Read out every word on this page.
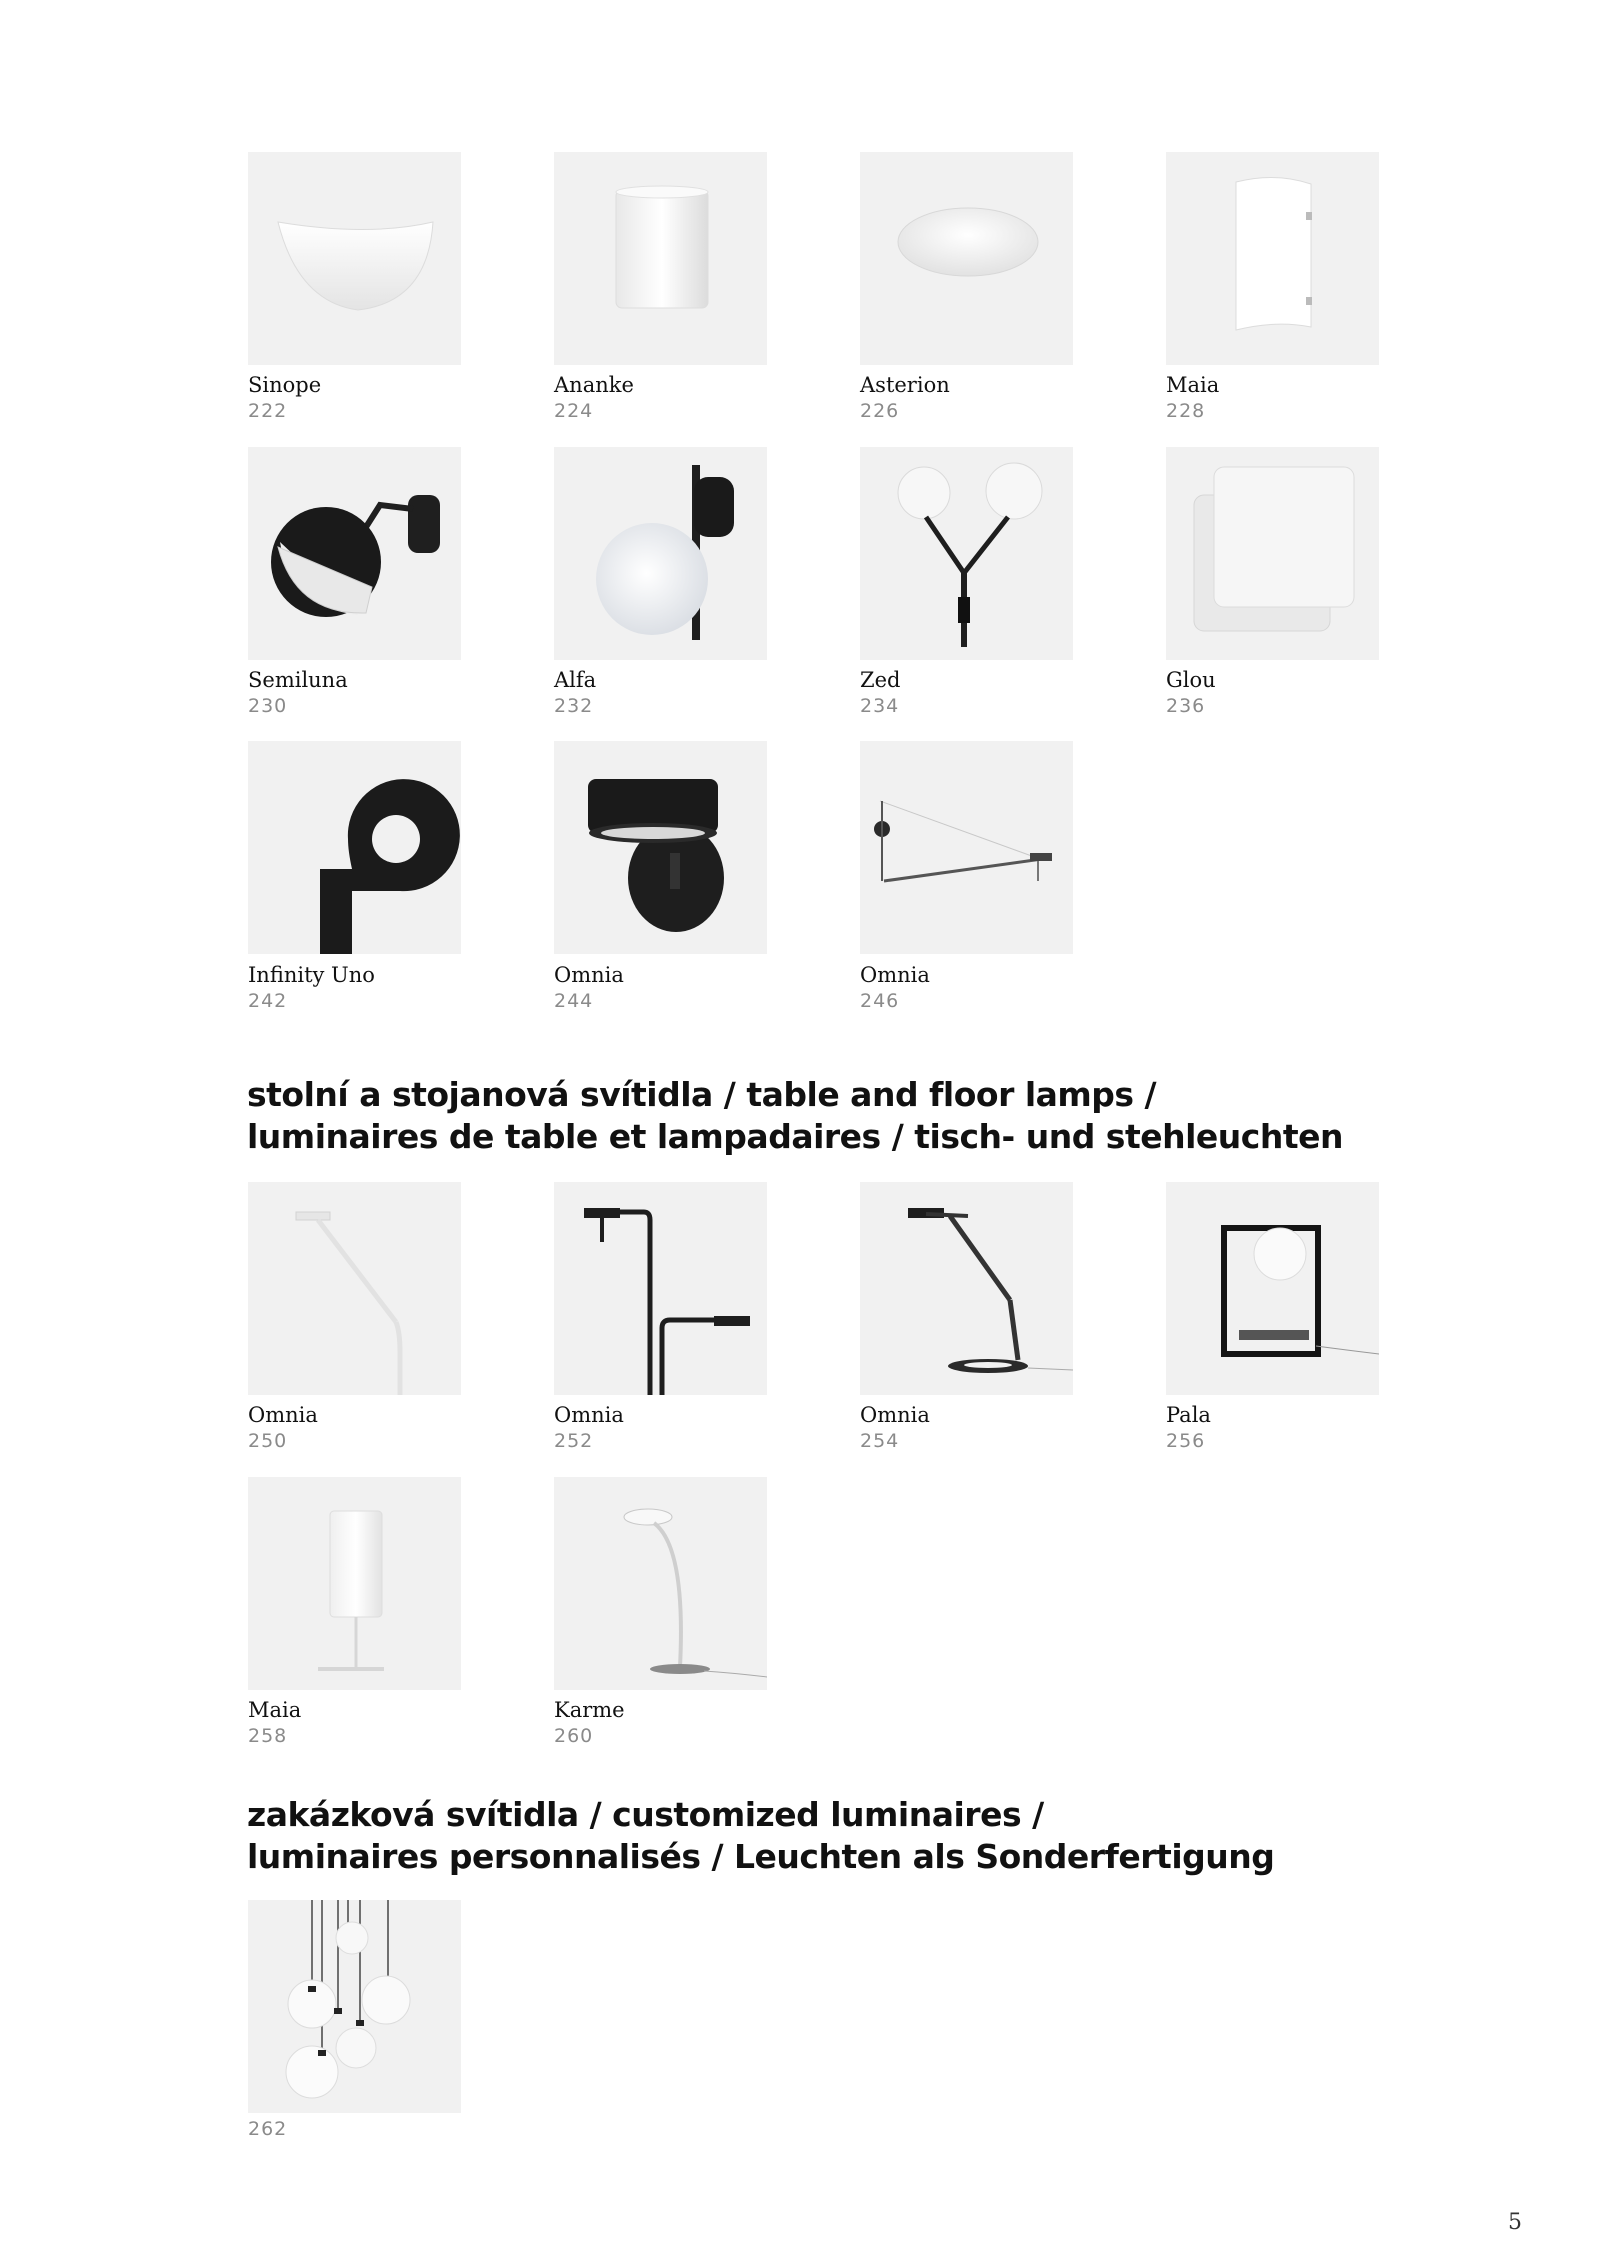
Sinope
222
Ananke
224
Asterion
226
Maia
228
Semiluna
230
Alfa
232
Zed
234
Glou
236
Infinity Uno
242
Omnia
244
Omnia
246
stolní a stojanová svítidla / table and floor lamps /
luminaires de table et lampadaires / tisch- und stehleuchten
Omnia
250
Omnia
252
Omnia
254
Pala
256
Maia
258
Karme
260
zakázková svítidla / customized luminaires /
luminaires personnalisés / Leuchten als Sonderfertigung
262
5
